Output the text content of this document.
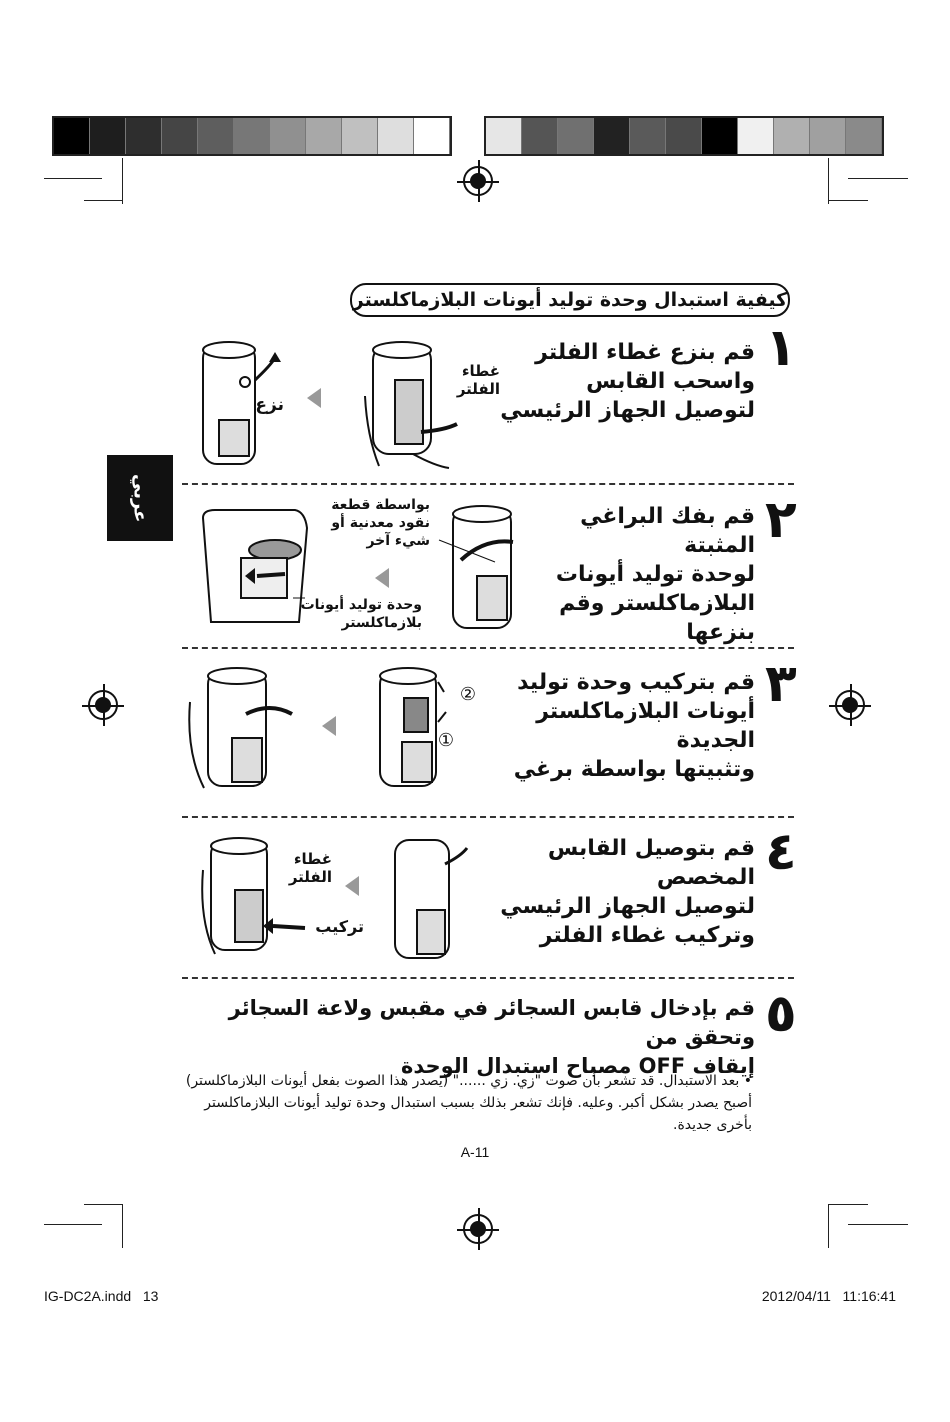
عربي
كيفية استبدال وحدة توليد أيونات البلازماكلستر
١
قم بنزع غطاء الفلتر
واسحب القابس
لتوصيل الجهاز الرئيسي
نزع
غطاء
الفلتر
٢
قم بفك البراغي المثبتة
لوحدة توليد أيونات
البلازماكلستر وقم
بنزعها
بواسطة قطعة
نقود معدنية أو
شيء آخر
وحدة توليد أيونات
بلازماكلستر
٣
قم بتركيب وحدة توليد
أيونات البلازماكلستر الجديدة
وتثبيتها بواسطة برغي
②
①
٤
قم بتوصيل القابس المخصص
لتوصيل الجهاز الرئيسي
وتركيب غطاء الفلتر
غطاء
الفلتر
تركيب
٥
قم بإدخال قابس السجائر في مقبس ولاعة السجائر وتحقق من
إيقاف OFF مصباح استبدال الوحدة
• بعد الاستبدال. قد تشعر بأن صوت "زي. زي ......" (يصدر هذا الصوت بفعل أيونات البلازماكلستر) أصبح يصدر بشكل أكبر. وعليه. فإنك تشعر بذلك بسبب استبدال وحدة توليد أيونات البلازماكلستر بأخرى جديدة.
A-11
IG-DC2A.indd   13	2012/04/11   11:16:41
